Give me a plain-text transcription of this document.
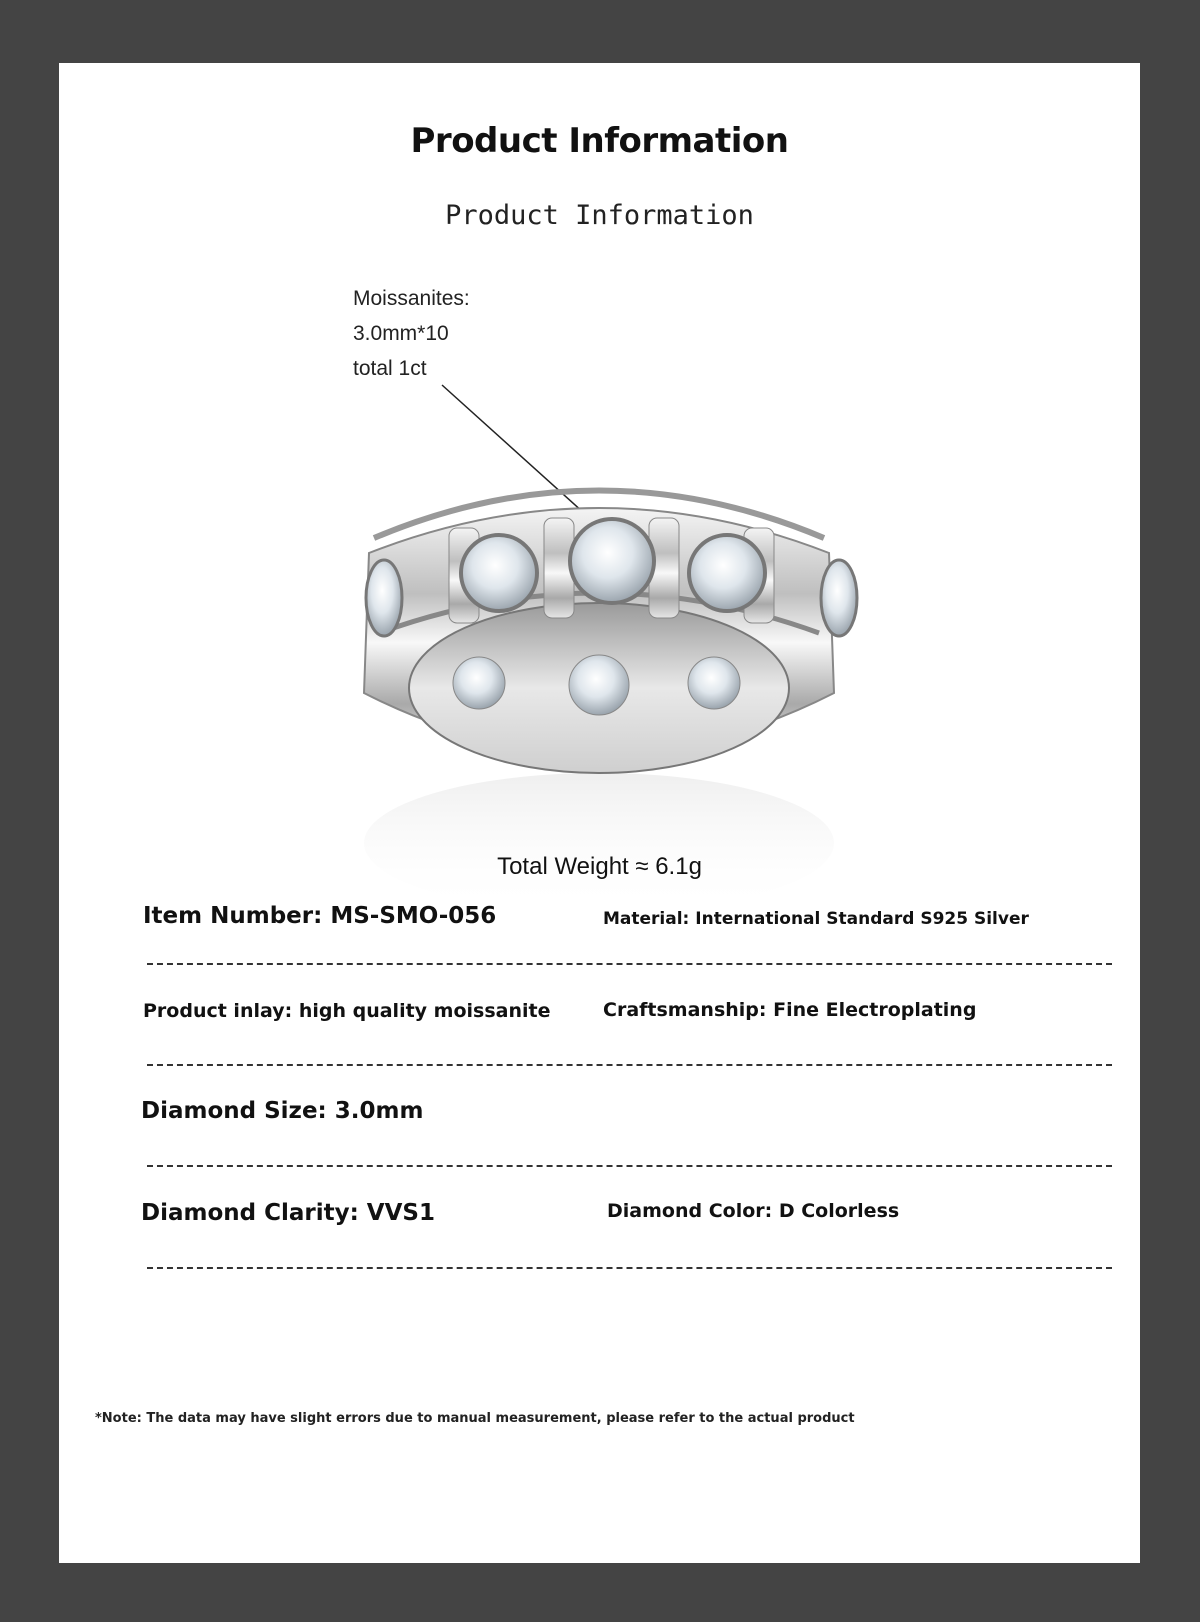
Product Information
Product Information
Moissanites:
3.0mm*10
total 1ct
Total Weight ≈ 6.1g
Item Number: MS-SMO-056	Material: International Standard S925 Silver
Product inlay: high quality moissanite	Craftsmanship: Fine Electroplating
Diamond Size: 3.0mm
Diamond Clarity: VVS1	Diamond Color: D Colorless
*Note: The data may have slight errors due to manual measurement, please refer to the actual product
